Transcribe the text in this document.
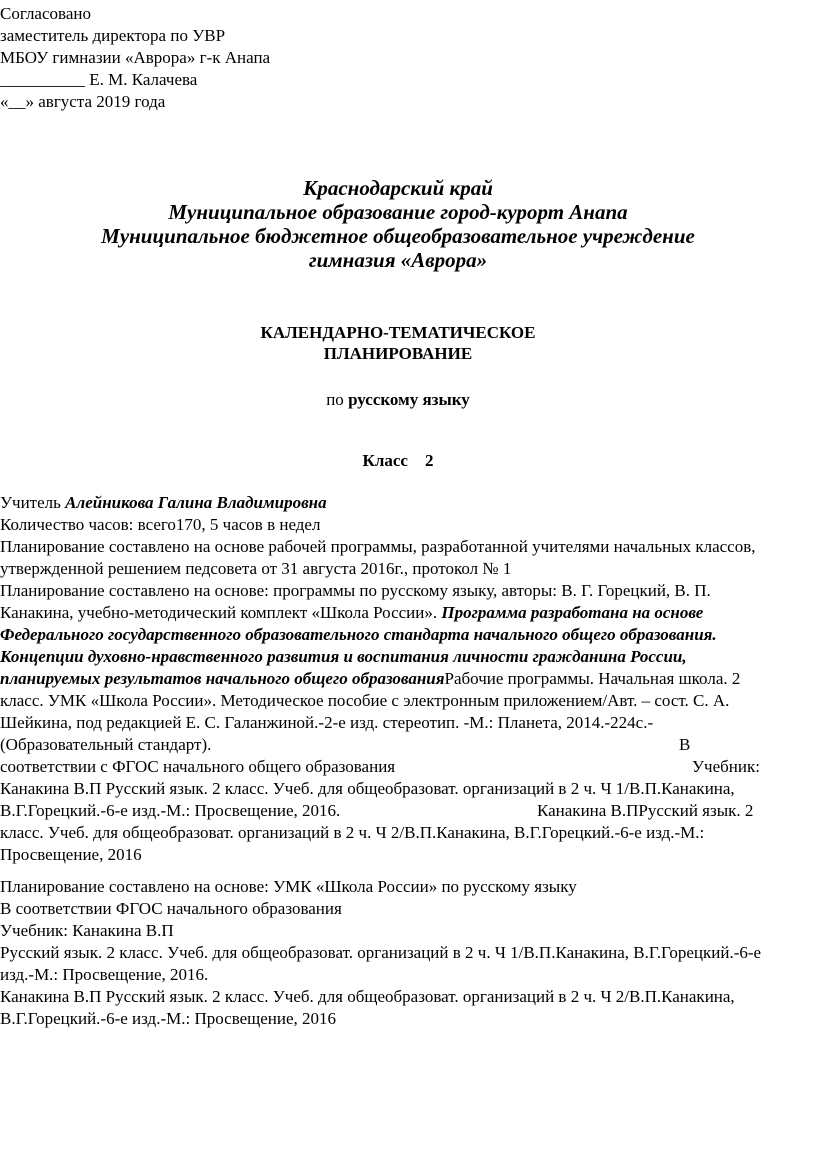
Согласовано
заместитель директора по УВР
МБОУ гимназии «Аврора» г-к Анапа
__________ Е. М. Калачева
«__» августа 2019 года
Краснодарский край
Муниципальное образование город-курорт Анапа
Муниципальное бюджетное общеобразовательное учреждение
гимназия «Аврора»
КАЛЕНДАРНО-ТЕМАТИЧЕСКОЕ
ПЛАНИРОВАНИЕ
по русскому языку
Класс 2
Учитель Алейникова Галина Владимировна
Количество часов: всего170, 5 часов в недел
Планирование составлено на основе рабочей программы, разработанной учителями начальных классов,
утвержденной решением педсовета от 31 августа 2016г., протокол № 1
Планирование составлено на основе: программы по русскому языку, авторы: В. Г. Горецкий, В. П.
Канакина, учебно-методический комплект «Школа России». Программа разработана на основе
Федерального государственного образовательного стандарта начального общего образования.
Концепции духовно-нравственного развития и воспитания личности гражданина России,
планируемых результатов начального общего образованияРабочие программы. Начальная школа. 2
класс. УМК «Школа России». Методическое пособие с электронным приложением/Авт. – сост. С. А.
Шейкина, под редакцией Е. С. Галанжиной.-2-е изд. стереотип. -М.: Планета, 2014.-224с.-
(Образовательный стандарт).	В
соответствии с ФГОС начального общего образования	Учебник:
Канакина В.П Русский язык. 2 класс. Учеб. для общеобразоват. организаций в 2 ч. Ч 1/В.П.Канакина,
В.Г.Горецкий.-6-е изд.-М.: Просвещение, 2016.	Канакина В.ПРусский язык. 2
класс. Учеб. для общеобразоват. организаций в 2 ч. Ч 2/В.П.Канакина, В.Г.Горецкий.-6-е изд.-М.:
Просвещение, 2016
Планирование составлено на основе: УМК «Школа России» по русскому языку
В соответствии ФГОС начального образования
Учебник: Канакина В.П
Русский язык. 2 класс. Учеб. для общеобразоват. организаций в 2 ч. Ч 1/В.П.Канакина, В.Г.Горецкий.-6-е
изд.-М.: Просвещение, 2016.
Канакина В.П Русский язык. 2 класс. Учеб. для общеобразоват. организаций в 2 ч. Ч 2/В.П.Канакина,
В.Г.Горецкий.-6-е изд.-М.: Просвещение, 2016
